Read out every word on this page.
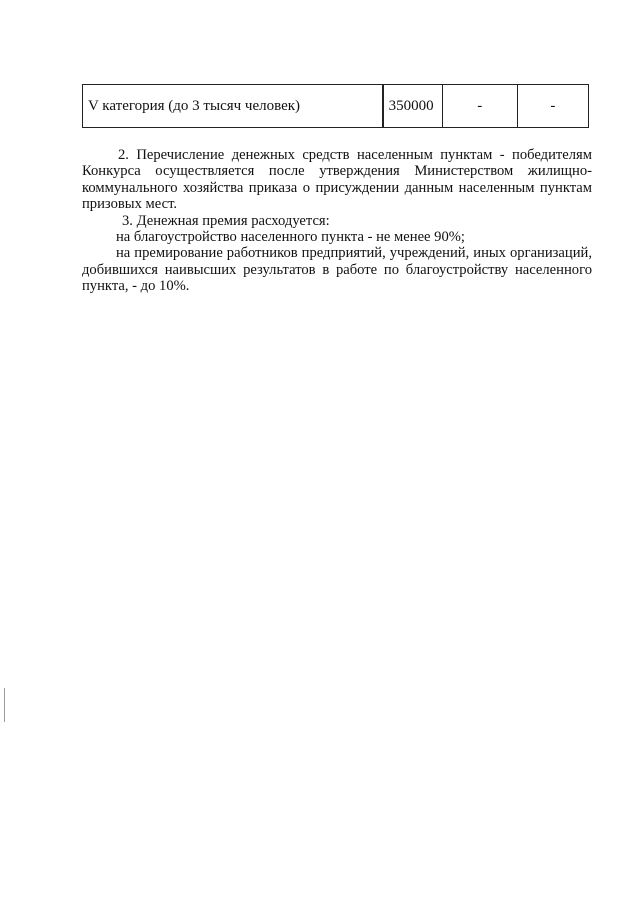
V категория (до 3 тысяч человек)	350000	-	-

2. Перечисление денежных средств населенным пунктам - победителям Конкурса осуществляется после утверждения Министерством жилищно-коммунального хозяйства приказа о присуждении данным населенным пунктам призовых мест.

3. Денежная премия расходуется:

на благоустройство населенного пункта - не менее 90%;

на премирование работников предприятий, учреждений, иных организаций, добившихся наивысших результатов в работе по благоустройству населенного пункта, - до 10%.
